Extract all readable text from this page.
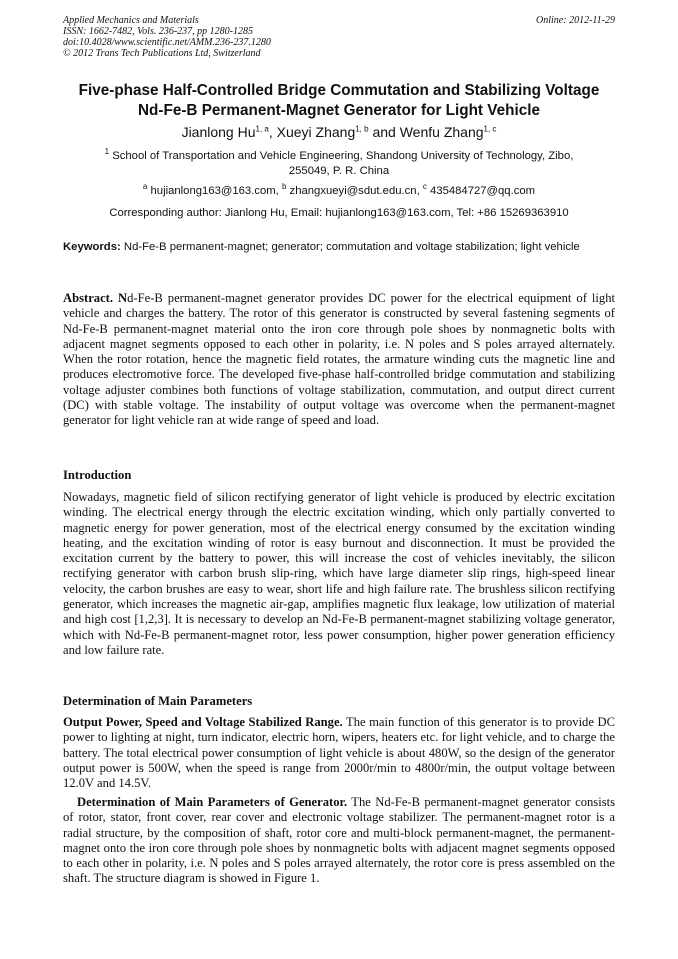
Applied Mechanics and Materials
ISSN: 1662-7482, Vols. 236-237, pp 1280-1285
doi:10.4028/www.scientific.net/AMM.236-237.1280
© 2012 Trans Tech Publications Ltd, Switzerland
Online: 2012-11-29
Five-phase Half-Controlled Bridge Commutation and Stabilizing Voltage
Nd-Fe-B Permanent-Magnet Generator for Light Vehicle
Jianlong Hu$^{1, a}$, Xueyi Zhang$^{1, b}$ and Wenfu Zhang$^{1, c}$
$^1$ School of Transportation and Vehicle Engineering, Shandong University of Technology, Zibo,
255049, P. R. China
$^a$ hujianlong163@163.com, $^b$ zhangxueyi@sdut.edu.cn, $^c$ 435484727@qq.com
Corresponding author: Jianlong Hu, Email: hujianlong163@163.com, Tel: +86 15269363910
Keywords: Nd-Fe-B permanent-magnet; generator; commutation and voltage stabilization; light vehicle

Abstract. Nd-Fe-B permanent-magnet generator provides DC power for the electrical equipment of light vehicle and charges the battery. The rotor of this generator is constructed by several fastening segments of Nd-Fe-B permanent-magnet material onto the iron core through pole shoes by nonmagnetic bolts with adjacent magnet segments opposed to each other in polarity, i.e. N poles and S poles arrayed alternately. When the rotor rotation, hence the magnetic field rotates, the armature winding cuts the magnetic line and produces electromotive force. The developed five-phase half-controlled bridge commutation and stabilizing voltage adjuster combines both functions of voltage stabilization, commutation, and output direct current (DC) with stable voltage. The instability of output voltage was overcome when the permanent-magnet generator for light vehicle ran at wide range of speed and load.

Introduction

Nowadays, magnetic field of silicon rectifying generator of light vehicle is produced by electric excitation winding. The electrical energy through the electric excitation winding, which only partially converted to magnetic energy for power generation, most of the electrical energy consumed by the excitation winding heating, and the excitation winding of rotor is easy burnout and disconnection. It must be provided the excitation current by the battery to power, this will increase the cost of vehicles inevitably, the silicon rectifying generator with carbon brush slip-ring, which have large diameter slip rings, high-speed linear velocity, the carbon brushes are easy to wear, short life and high failure rate. The brushless silicon rectifying generator, which increases the magnetic air-gap, amplifies magnetic flux leakage, low utilization of material and high cost [1,2,3]. It is necessary to develop an Nd-Fe-B permanent-magnet stabilizing voltage generator, which with Nd-Fe-B permanent-magnet rotor, less power consumption, higher power generation efficiency and low failure rate.

Determination of Main Parameters

Output Power, Speed and Voltage Stabilized Range. The main function of this generator is to provide DC power to lighting at night, turn indicator, electric horn, wipers, heaters etc. for light vehicle, and to charge the battery. The total electrical power consumption of light vehicle is about 480W, so the design of the generator output power is 500W, when the speed is range from 2000r/min to 4800r/min, the output voltage between 12.0V and 14.5V.

Determination of Main Parameters of Generator. The Nd-Fe-B permanent-magnet generator consists of rotor, stator, front cover, rear cover and electronic voltage stabilizer. The permanent-magnet rotor is a radial structure, by the composition of shaft, rotor core and multi-block permanent-magnet, the permanent-magnet onto the iron core through pole shoes by nonmagnetic bolts with adjacent magnet segments opposed to each other in polarity, i.e. N poles and S poles arrayed alternately, the rotor core is press assembled on the shaft. The structure diagram is showed in Figure 1.
